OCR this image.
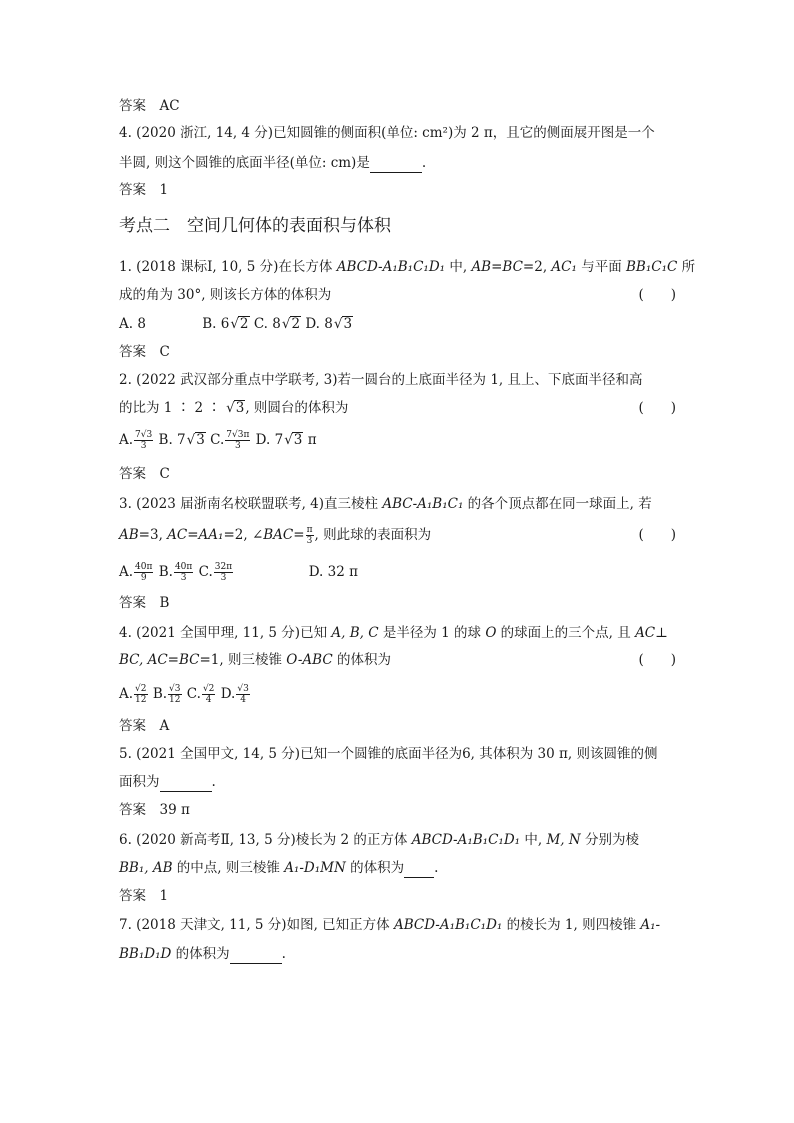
答案　AC
4. (2020 浙江, 14, 4 分)已知圆锥的侧面积(单位: cm²)为 2 π，且它的侧面展开图是一个
半圆, 则这个圆锥的底面半径(单位: cm)是	.
答案　1
考点二　空间几何体的表面积与体积
1. (2018 课标Ⅰ, 10, 5 分)在长方体 ABCD-A₁B₁C₁D₁ 中, AB=BC=2, AC₁ 与平面 BB₁C₁C 所
成的角为 30°, 则该长方体的体积为	(　　)
A. 8	B. 6 √ 2 C. 8 √ 2 D. 8 √ 3
答案　C
2. (2022 武汉部分重点中学联考, 3)若一圆台的上底面半径为 1, 且上、下底面半径和高
的比为 1 ∶ 2 ∶ √ 3, 则圆台的体积为	(　　)
A. $\frac{7√3}{3} B$. 7 √ 3 C. $\frac{7√3\pi}{3} D$. 7 √ 3 π
答案　C
3. (2023 届浙南名校联盟联考, 4)直三棱柱 ABC-A₁B₁C₁ 的各个顶点都在同一球面上, 若
AB=3, AC=AA₁=2, ∠BAC= $\frac{\pi}{3}$ , 则此球的表面积为	(　　)
A. $\frac{40\pi}{9} B$. $\frac{40\pi}{3} C$. $\frac{32\pi}{3}$	D. 32 π
答案　B
4. (2021 全国甲理, 11, 5 分)已知 A, B, C 是半径为 1 的球 O 的球面上的三个点, 且 AC⊥
BC, AC=BC=1, 则三棱锥 O-ABC 的体积为	(　　)
A. $\frac{√2}{12} B$. $\frac{√3}{12} C$. $\frac{√2}{4} D$. $\frac{√3}{4}$
答案　A
5. (2021 全国甲文, 14, 5 分)已知一个圆锥的底面半径为6, 其体积为 30 π, 则该圆锥的侧
面积为	.
答案　39 π
6. (2020 新高考Ⅱ, 13, 5 分)棱长为 2 的正方体 ABCD-A₁B₁C₁D₁ 中, M, N 分别为棱
BB₁, AB 的中点, 则三棱锥 A₁-D₁MN 的体积为 .
答案　1
7. (2018 天津文, 11, 5 分)如图, 已知正方体 ABCD-A₁B₁C₁D₁ 的棱长为 1, 则四棱锥 A₁-
BB₁D₁D 的体积为	.
